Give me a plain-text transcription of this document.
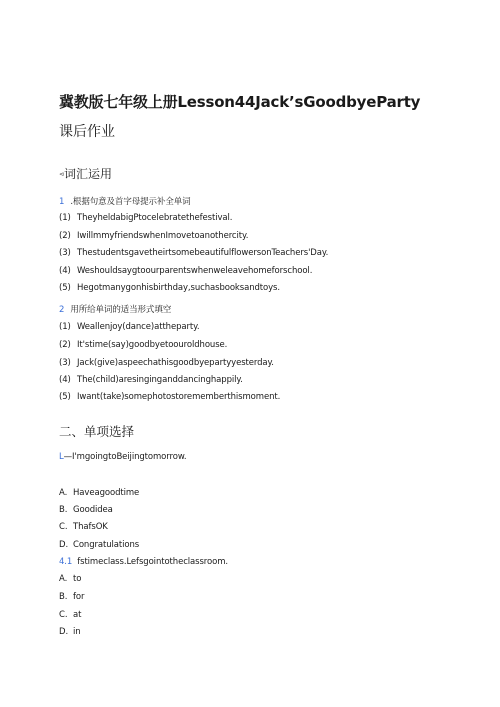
冀教版七年级上册Lesson44Jack’sGoodbyeParty
课后作业
⊲词汇运用
1 .根据句意及首字母提示补全单词
(1) TheyheldabigPtocelebratethefestival.
(2) IwillmmyfriendswhenImovetoanothercity.
(3) ThestudentsgavetheirtsomebeautifulflowersonTeachers'Day.
(4) Weshouldsaygtoourparentswhenweleavehomeforschool.
(5) Hegotmanygonhisbirthday,suchasbooksandtoys.
2 用所给单词的适当形式填空
(1) Weallenjoy(dance)attheparty.
(2) It'stime(say)goodbyetoouroldhouse.
(3) Jack(give)aspeechathisgoodbyepartyyesterday.
(4) The(child)aresinginganddancinghappily.
(5) Iwant(take)somephotostorememberthismoment.
二、单项选择
L—I'mgoingtoBeijingtomorrow.
A. Haveagoodtime
B. Goodidea
C. ThafsOK
D. Congratulations
4.1 fstimeclass.Lefsgointotheclassroom.
A. to
B. for
C. at
D. in
